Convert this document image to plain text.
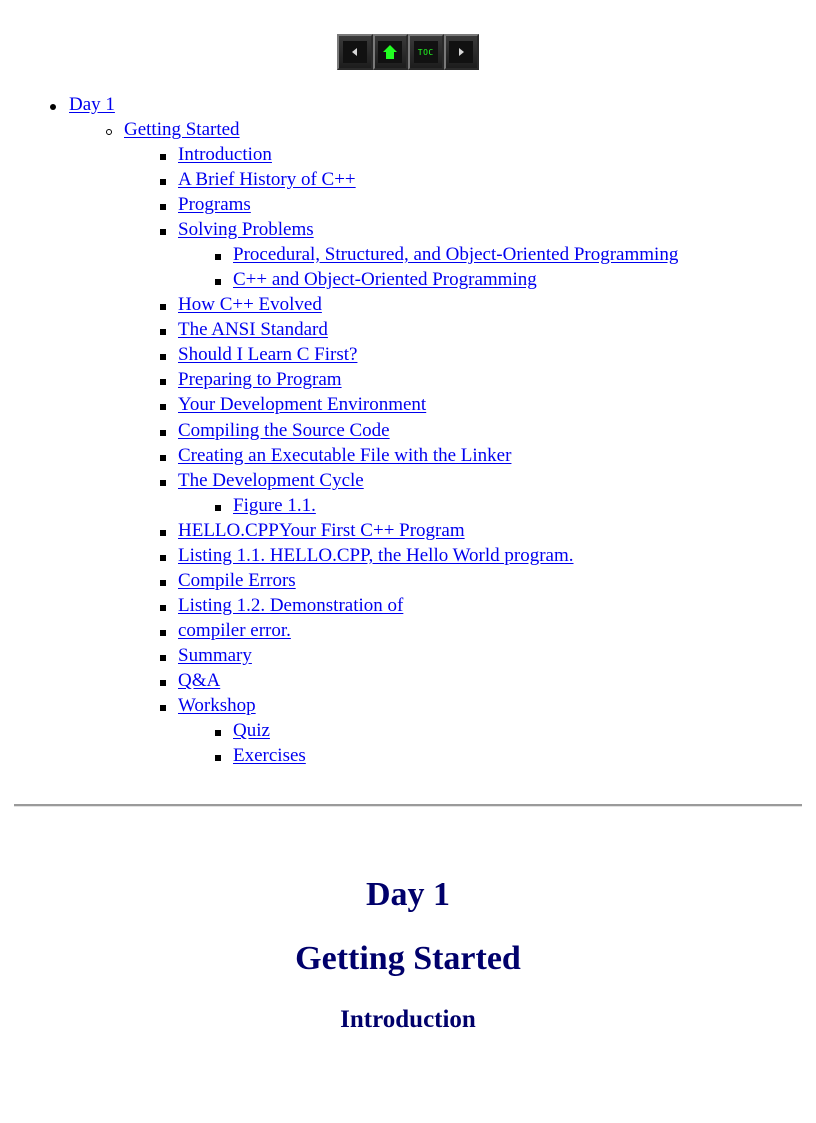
TOC
Day 1
Getting Started
Introduction
A Brief History of C++
Programs
Solving Problems
Procedural, Structured, and Object-Oriented Programming
C++ and Object-Oriented Programming
How C++ Evolved
The ANSI Standard
Should I Learn C First?
Preparing to Program
Your Development Environment
Compiling the Source Code
Creating an Executable File with the Linker
The Development Cycle
Figure 1.1.
HELLO.CPPYour First C++ Program
Listing 1.1. HELLO.CPP, the Hello World program.
Compile Errors
Listing 1.2. Demonstration of
compiler error.
Summary
Q&A
Workshop
Quiz
Exercises
Day 1
Getting Started
Introduction
